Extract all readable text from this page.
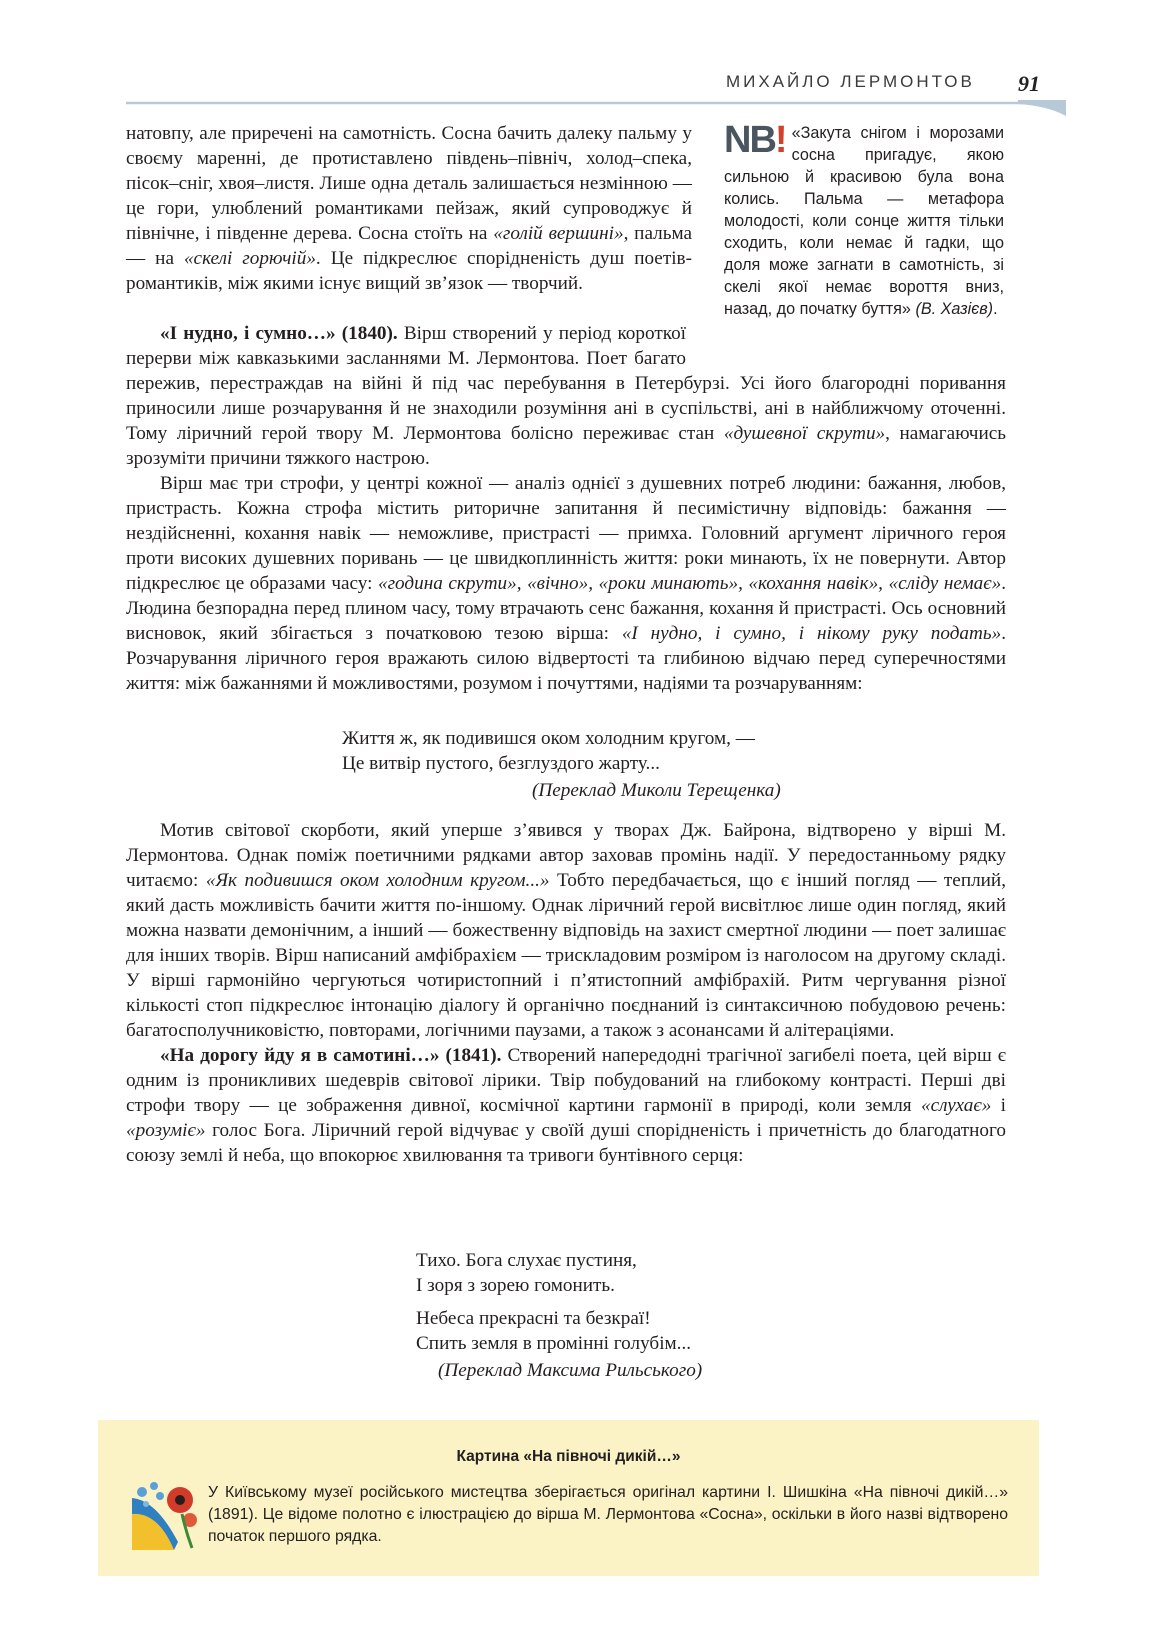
МИХАЙЛО ЛЕРМОНТОВ 91
NB! «Закута снігом і морозами сосна пригадує, якою сильною й красивою була вона колись. Пальма — метафора молодості, коли сонце життя тільки сходить, коли немає й гадки, що доля може загнати в самотність, зі скелі якої немає вороття вниз, назад, до початку буття» (В. Хазієв).

натовпу, але приречені на самотність. Сосна бачить далеку пальму у своєму мареннi, де протиставлено південь–північ, холод–спека, пісок–сніг, хвоя–листя. Лише одна деталь залишається незмінною — це гори, улюблений романтиками пейзаж, який супроводжує й північне, і південне дерева. Сосна стоїть на «голій вершині», пальма — на «скелі горючій». Це підкреслює спорідненість душ поетів- романтиків, між якими існує вищий зв’язок — творчий.

«І нудно, і сумно…» (1840). Вірш створений у період короткої перерви між кавказькими засланнями М. Лермонтова. Поет багато пережив, перестраждав на війні й під час перебування в Петербурзі. Усі його благородні поривання приносили лише розчарування й не знаходили розуміння ані в суспільстві, ані в найближчому оточенні. Тому ліричний герой твору М. Лермонтова болісно переживає стан «душевної скрути», намагаючись зрозуміти причини тяжкого настрою.

Вірш має три строфи, у центрі кожної — аналіз однієї з душевних потреб людини: бажання, любов, пристрасть. Кожна строфа містить риторичне запитання й песимістичну відповідь: бажання — нездійсненні, кохання навік — неможливе, пристрасті — примха. Головний аргумент ліричного героя проти високих душевних поривань — це швидкоплинність життя: роки минають, їх не повернути. Автор підкреслює це образами часу: «година скрути», «вічно», «роки минають», «кохання навік», «сліду немає». Людина безпорадна перед плином часу, тому втрачають сенс бажання, кохання й пристрасті. Ось основний висновок, який збігається з початковою тезою вірша: «І нудно, і сумно, і нікому руку подать». Розчарування ліричного героя вражають силою відвертості та глибиною відчаю перед суперечностями життя: між бажаннями й можливостями, розумом і почуттями, надіями та розчаруванням:

Життя ж, як подивишся оком холодним кругом, —
Це витвір пустого, безглуздого жарту...
(Переклад Миколи Терещенка)

Мотив світової скорботи, який уперше з’явився у творах Дж. Байрона, відтворено у вірші М. Лермонтова. Однак поміж поетичними рядками автор заховав промінь надії. У передостанньому рядку читаємо: «Як подивишся оком холодним кругом...» Тобто передбачається, що є інший погляд — теплий, який дасть можливість бачити життя по-іншому. Однак ліричний герой висвітлює лише один погляд, який можна назвати демонічним, а інший — божественну відповідь на захист смертної людини — поет залишає для інших творів. Вірш написаний амфібрахієм — трискладовим розміром із наголосом на другому складі. У вірші гармонійно чергуються чотиристопний і п’ятистопний амфібрахій. Ритм чергування різної кількості стоп підкреслює інтонацію діалогу й органічно поєднаний із синтаксичною побудовою речень: багатосполучниковістю, повторами, логічними паузами, а також з асонансами й алітераціями.

«На дорогу йду я в самотині…» (1841). Створений напередодні трагічної загибелі поета, цей вірш є одним із проникливих шедеврів світової лірики. Твір побудований на глибокому контрасті. Перші дві строфи твору — це зображення дивної, космічної картини гармонії в природі, коли земля «слухає» і «розуміє» голос Бога. Ліричний герой відчуває у своїй душі спорідненість і причетність до благодатного союзу землі й неба, що впокорює хвилювання та тривоги бунтівного серця:

Тихо. Бога слухає пустиня,
І зоря з зорею гомонить.
Небеса прекрасні та безкраї!
Спить земля в промінні голубім...
(Переклад Максима Рильського)
Картина «На півночі дикій…»
У Київському музеї російського мистецтва зберігається оригінал картини І. Шишкіна «На півночі дикій…» (1891). Це відоме полотно є ілюстрацією до вірша М. Лермонтова «Сосна», оскільки в його назві відтворено початок першого рядка.
